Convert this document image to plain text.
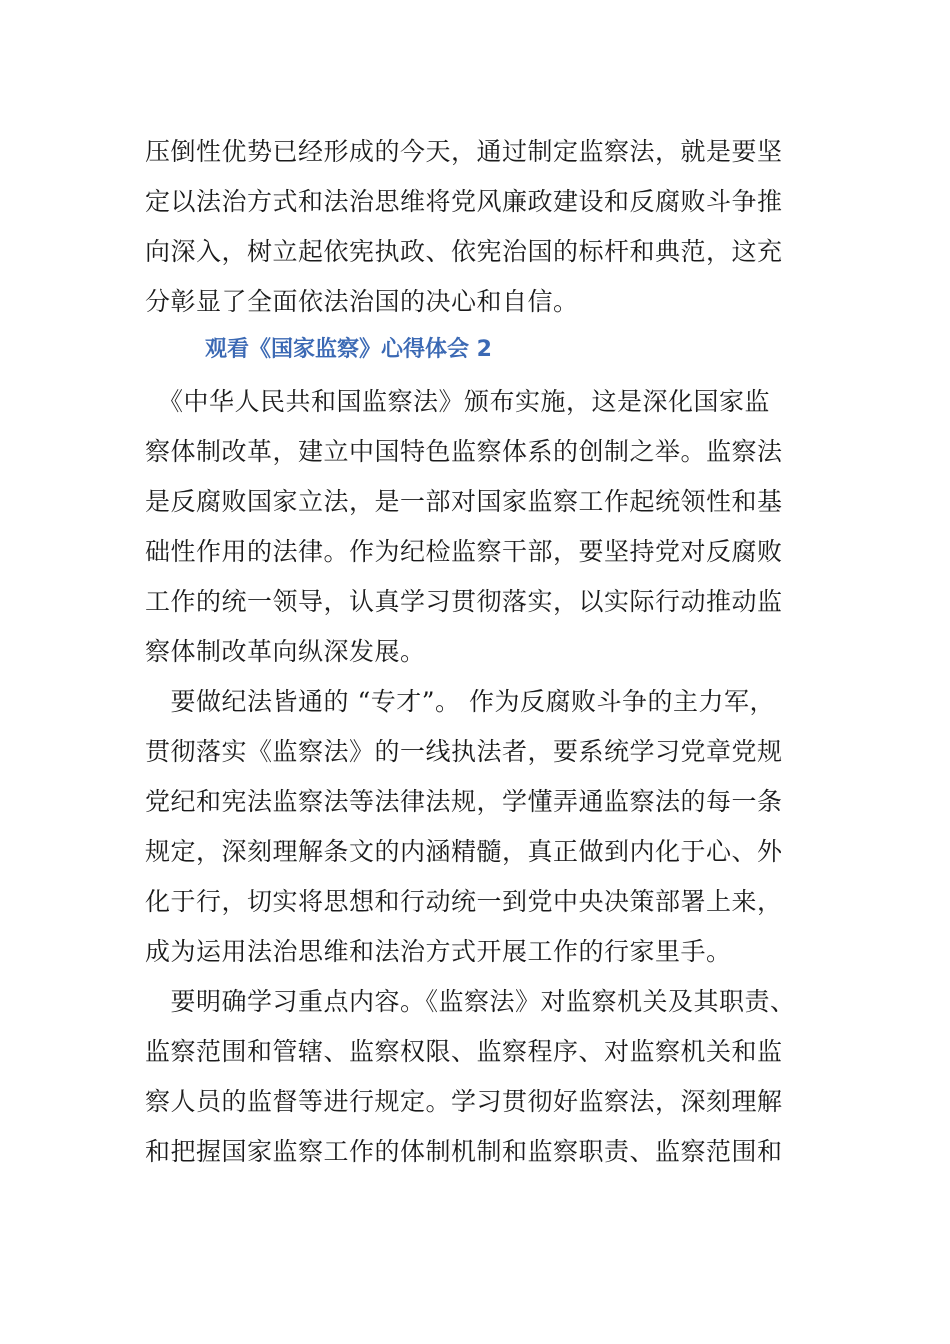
压倒性优势已经形成的今天，通过制定监察法，就是要坚
定以法治方式和法治思维将党风廉政建设和反腐败斗争推
向深入，树立起依宪执政、依宪治国的标杆和典范，这充
分彰显了全面依法治国的决心和自信。
观看《国家监察》心得体会 2
　《中华人民共和国监察法》颁布实施，这是深化国家监
察体制改革，建立中国特色监察体系的创制之举。监察法
是反腐败国家立法，是一部对国家监察工作起统领性和基
础性作用的法律。作为纪检监察干部，要坚持党对反腐败
工作的统一领导，认真学习贯彻落实，以实际行动推动监
察体制改革向纵深发展。
　要做纪法皆通的 “专才”。 作为反腐败斗争的主力军，
贯彻落实《监察法》的一线执法者，要系统学习党章党规
党纪和宪法监察法等法律法规，学懂弄通监察法的每一条
规定，深刻理解条文的内涵精髓，真正做到内化于心、外
化于行，切实将思想和行动统一到党中央决策部署上来，
成为运用法治思维和法治方式开展工作的行家里手。
　要明确学习重点内容。《监察法》对监察机关及其职责、
监察范围和管辖、监察权限、监察程序、对监察机关和监
察人员的监督等进行规定。学习贯彻好监察法，深刻理解
和把握国家监察工作的体制机制和监察职责、监察范围和
